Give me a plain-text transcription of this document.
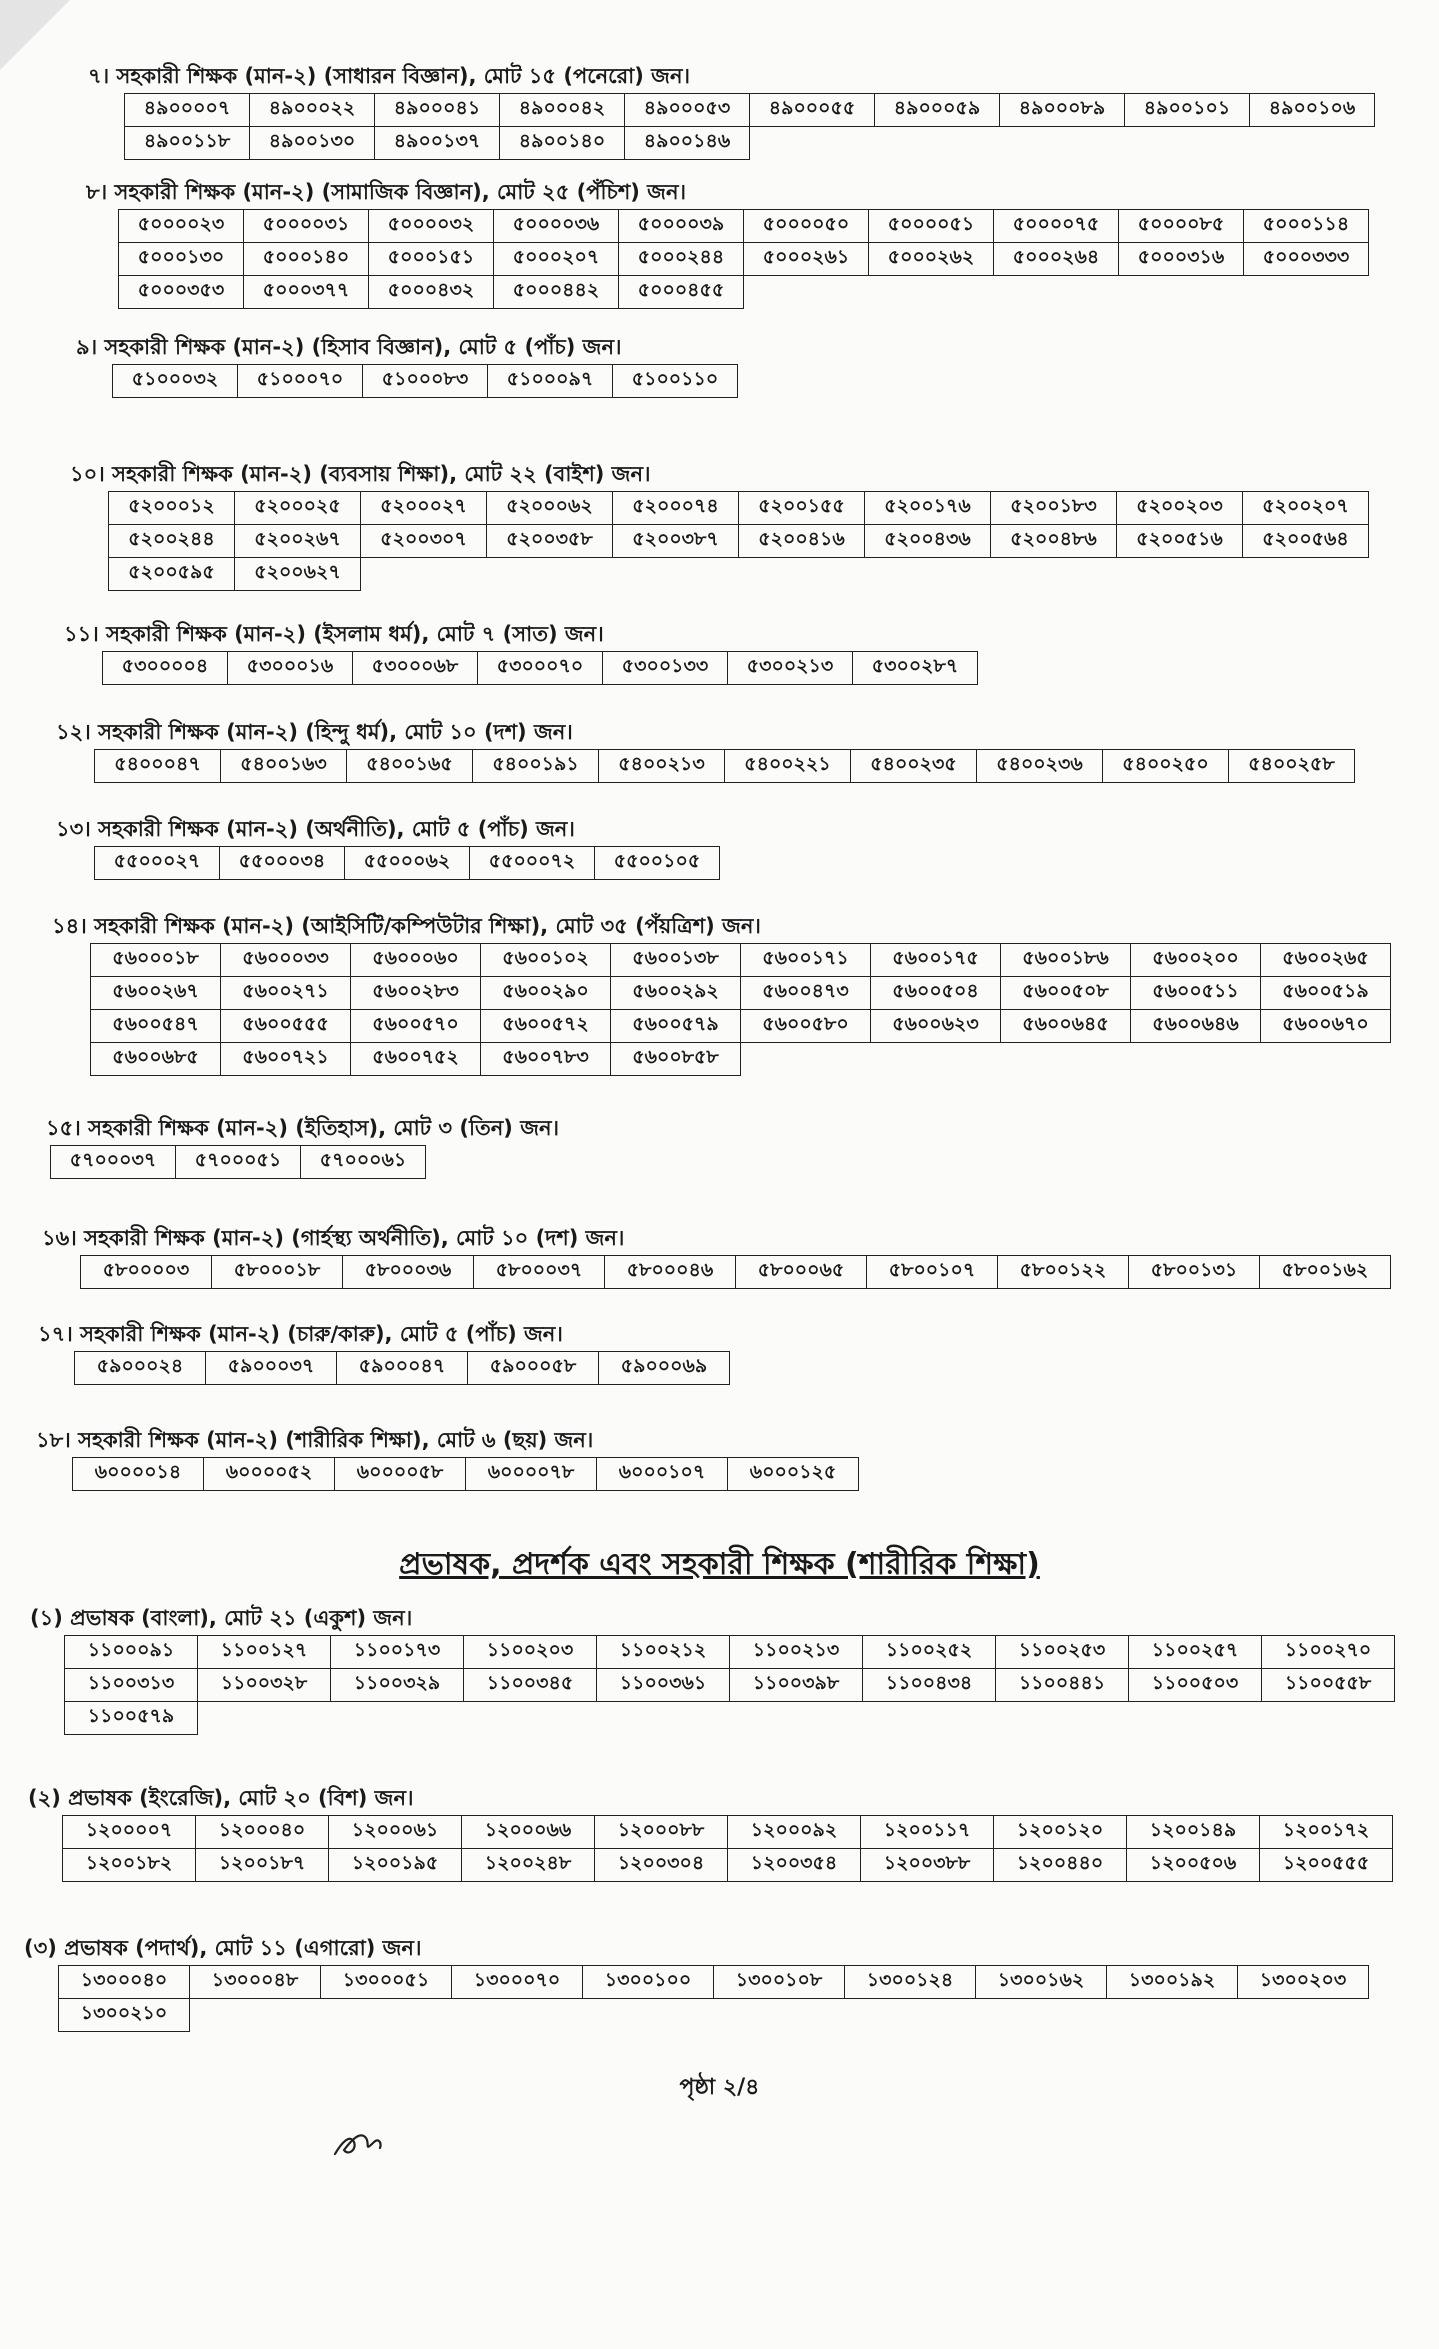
৭। সহকারী শিক্ষক (মান-২) (সাধারন বিজ্ঞান), মোট ১৫ (পনেরো) জন।
৪৯০০০০৭	৪৯০০০২২	৪৯০০০৪১	৪৯০০০৪২	৪৯০০০৫৩	৪৯০০০৫৫	৪৯০০০৫৯	৪৯০০০৮৯	৪৯০০১০১	৪৯০০১০৬
৪৯০০১১৮	৪৯০০১৩০	৪৯০০১৩৭	৪৯০০১৪০	৪৯০০১৪৬					
৮। সহকারী শিক্ষক (মান-২) (সামাজিক বিজ্ঞান), মোট ২৫ (পঁচিশ) জন।
৫০০০০২৩	৫০০০০৩১	৫০০০০৩২	৫০০০০৩৬	৫০০০০৩৯	৫০০০০৫০	৫০০০০৫১	৫০০০০৭৫	৫০০০০৮৫	৫০০০১১৪
৫০০০১৩০	৫০০০১৪০	৫০০০১৫১	৫০০০২০৭	৫০০০২৪৪	৫০০০২৬১	৫০০০২৬২	৫০০০২৬৪	৫০০০৩১৬	৫০০০৩৩৩
৫০০০৩৫৩	৫০০০৩৭৭	৫০০০৪৩২	৫০০০৪৪২	৫০০০৪৫৫					
৯। সহকারী শিক্ষক (মান-২) (হিসাব বিজ্ঞান), মোট ৫ (পাঁচ) জন।
৫১০০০৩২	৫১০০০৭০	৫১০০০৮৩	৫১০০০৯৭	৫১০০১১০
১০। সহকারী শিক্ষক (মান-২) (ব্যবসায় শিক্ষা), মোট ২২ (বাইশ) জন।
৫২০০০১২	৫২০০০২৫	৫২০০০২৭	৫২০০০৬২	৫২০০০৭৪	৫২০০১৫৫	৫২০০১৭৬	৫২০০১৮৩	৫২০০২০৩	৫২০০২০৭
৫২০০২৪৪	৫২০০২৬৭	৫২০০৩০৭	৫২০০৩৫৮	৫২০০৩৮৭	৫২০০৪১৬	৫২০০৪৩৬	৫২০০৪৮৬	৫২০০৫১৬	৫২০০৫৬৪
৫২০০৫৯৫	৫২০০৬২৭								
১১। সহকারী শিক্ষক (মান-২) (ইসলাম ধর্ম), মোট ৭ (সাত) জন।
৫৩০০০০৪	৫৩০০০১৬	৫৩০০০৬৮	৫৩০০০৭০	৫৩০০১৩৩	৫৩০০২১৩	৫৩০০২৮৭
১২। সহকারী শিক্ষক (মান-২) (হিন্দু ধর্ম), মোট ১০ (দশ) জন।
৫৪০০০৪৭	৫৪০০১৬৩	৫৪০০১৬৫	৫৪০০১৯১	৫৪০০২১৩	৫৪০০২২১	৫৪০০২৩৫	৫৪০০২৩৬	৫৪০০২৫০	৫৪০০২৫৮
১৩। সহকারী শিক্ষক (মান-২) (অর্থনীতি), মোট ৫ (পাঁচ) জন।
৫৫০০০২৭	৫৫০০০৩৪	৫৫০০০৬২	৫৫০০০৭২	৫৫০০১০৫
১৪। সহকারী শিক্ষক (মান-২) (আইসিটি/কম্পিউটার শিক্ষা), মোট ৩৫ (পঁয়ত্রিশ) জন।
৫৬০০০১৮	৫৬০০০৩৩	৫৬০০০৬০	৫৬০০১০২	৫৬০০১৩৮	৫৬০০১৭১	৫৬০০১৭৫	৫৬০০১৮৬	৫৬০০২০০	৫৬০০২৬৫
৫৬০০২৬৭	৫৬০০২৭১	৫৬০০২৮৩	৫৬০০২৯০	৫৬০০২৯২	৫৬০০৪৭৩	৫৬০০৫০৪	৫৬০০৫০৮	৫৬০০৫১১	৫৬০০৫১৯
৫৬০০৫৪৭	৫৬০০৫৫৫	৫৬০০৫৭০	৫৬০০৫৭২	৫৬০০৫৭৯	৫৬০০৫৮০	৫৬০০৬২৩	৫৬০০৬৪৫	৫৬০০৬৪৬	৫৬০০৬৭০
৫৬০০৬৮৫	৫৬০০৭২১	৫৬০০৭৫২	৫৬০০৭৮৩	৫৬০০৮৫৮					
১৫। সহকারী শিক্ষক (মান-২) (ইতিহাস), মোট ৩ (তিন) জন।
৫৭০০০৩৭	৫৭০০০৫১	৫৭০০০৬১
১৬। সহকারী শিক্ষক (মান-২) (গার্হস্থ্য অর্থনীতি), মোট ১০ (দশ) জন।
৫৮০০০০৩	৫৮০০০১৮	৫৮০০০৩৬	৫৮০০০৩৭	৫৮০০০৪৬	৫৮০০০৬৫	৫৮০০১০৭	৫৮০০১২২	৫৮০০১৩১	৫৮০০১৬২
১৭। সহকারী শিক্ষক (মান-২) (চারু/কারু), মোট ৫ (পাঁচ) জন।
৫৯০০০২৪	৫৯০০০৩৭	৫৯০০০৪৭	৫৯০০০৫৮	৫৯০০০৬৯
১৮। সহকারী শিক্ষক (মান-২) (শারীরিক শিক্ষা), মোট ৬ (ছয়) জন।
৬০০০০১৪	৬০০০০৫২	৬০০০০৫৮	৬০০০০৭৮	৬০০০১০৭	৬০০০১২৫
প্রভাষক, প্রদর্শক এবং সহকারী শিক্ষক (শারীরিক শিক্ষা)
(১) প্রভাষক (বাংলা), মোট ২১ (একুশ) জন।
১১০০০৯১	১১০০১২৭	১১০০১৭৩	১১০০২০৩	১১০০২১২	১১০০২১৩	১১০০২৫২	১১০০২৫৩	১১০০২৫৭	১১০০২৭০
১১০০৩১৩	১১০০৩২৮	১১০০৩২৯	১১০০৩৪৫	১১০০৩৬১	১১০০৩৯৮	১১০০৪৩৪	১১০০৪৪১	১১০০৫০৩	১১০০৫৫৮
১১০০৫৭৯									
(২) প্রভাষক (ইংরেজি), মোট ২০ (বিশ) জন।
১২০০০০৭	১২০০০৪০	১২০০০৬১	১২০০০৬৬	১২০০০৮৮	১২০০০৯২	১২০০১১৭	১২০০১২০	১২০০১৪৯	১২০০১৭২
১২০০১৮২	১২০০১৮৭	১২০০১৯৫	১২০০২৪৮	১২০০৩০৪	১২০০৩৫৪	১২০০৩৮৮	১২০০৪৪০	১২০০৫০৬	১২০০৫৫৫
(৩) প্রভাষক (পদার্থ), মোট ১১ (এগারো) জন।
১৩০০০৪০	১৩০০০৪৮	১৩০০০৫১	১৩০০০৭০	১৩০০১০০	১৩০০১০৮	১৩০০১২৪	১৩০০১৬২	১৩০০১৯২	১৩০০২০৩
১৩০০২১০
পৃষ্ঠা ২/৪
